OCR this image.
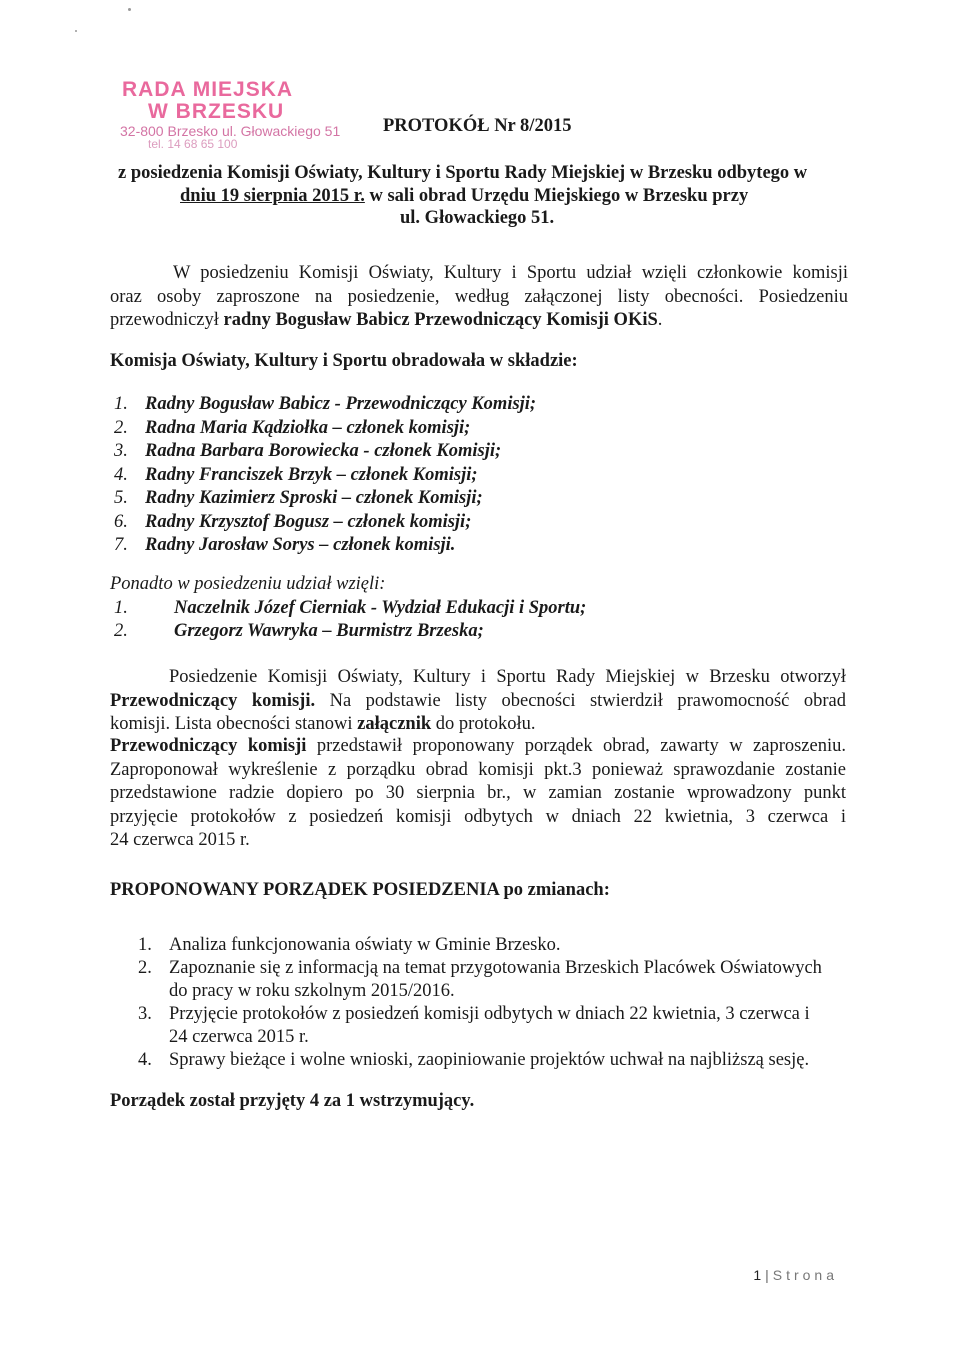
RADA MIEJSKA
W BRZESKU
32-800 Brzesko ul. Głowackiego 51
tel. 14 68 65 100
PROTOKÓŁ Nr 8/2015
z posiedzenia Komisji Oświaty, Kultury i Sportu Rady Miejskiej w Brzesku odbytego w
dniu 19 sierpnia 2015 r. w sali obrad Urzędu Miejskiego w Brzesku przy
ul. Głowackiego 51.
W posiedzeniu Komisji Oświaty, Kultury i Sportu udział wzięli członkowie komisji
oraz osoby zaproszone na posiedzenie, według załączonej listy obecności. Posiedzeniu
przewodniczył radny Bogusław Babicz Przewodniczący Komisji OKiS.
Komisja Oświaty, Kultury i Sportu obradowała w składzie:
1. Radny Bogusław Babicz - Przewodniczący Komisji;
2. Radna Maria Kądziołka – członek komisji;
3. Radna Barbara Borowiecka - członek Komisji;
4. Radny Franciszek Brzyk – członek Komisji;
5. Radny Kazimierz Sproski – członek Komisji;
6. Radny Krzysztof Bogusz – członek komisji;
7. Radny Jarosław Sorys – członek komisji.
Ponadto w posiedzeniu udział wzięli:
1. Naczelnik Józef Cierniak - Wydział Edukacji i Sportu;
2. Grzegorz Wawryka – Burmistrz Brzeska;
Posiedzenie Komisji Oświaty, Kultury i Sportu Rady Miejskiej w Brzesku otworzył
Przewodniczący komisji. Na podstawie listy obecności stwierdził prawomocność obrad
komisji. Lista obecności stanowi załącznik do protokołu.
Przewodniczący komisji przedstawił proponowany porządek obrad, zawarty w zaproszeniu.
Zaproponował wykreślenie z porządku obrad komisji pkt.3 ponieważ sprawozdanie zostanie
przedstawione radzie dopiero po 30 sierpnia br., w zamian zostanie wprowadzony punkt
przyjęcie protokołów z posiedzeń komisji odbytych w dniach 22 kwietnia, 3 czerwca i
24 czerwca 2015 r.
PROPONOWANY PORZĄDEK POSIEDZENIA po zmianach:
1. Analiza funkcjonowania oświaty w Gminie Brzesko.
2. Zapoznanie się z informacją na temat przygotowania Brzeskich Placówek Oświatowych
do pracy w roku szkolnym 2015/2016.
3. Przyjęcie protokołów z posiedzeń komisji odbytych w dniach 22 kwietnia, 3 czerwca i
24 czerwca 2015 r.
4. Sprawy bieżące i wolne wnioski, zaopiniowanie projektów uchwał na najbliższą sesję.
Porządek został przyjęty 4 za 1 wstrzymujący.
1 | Strona
